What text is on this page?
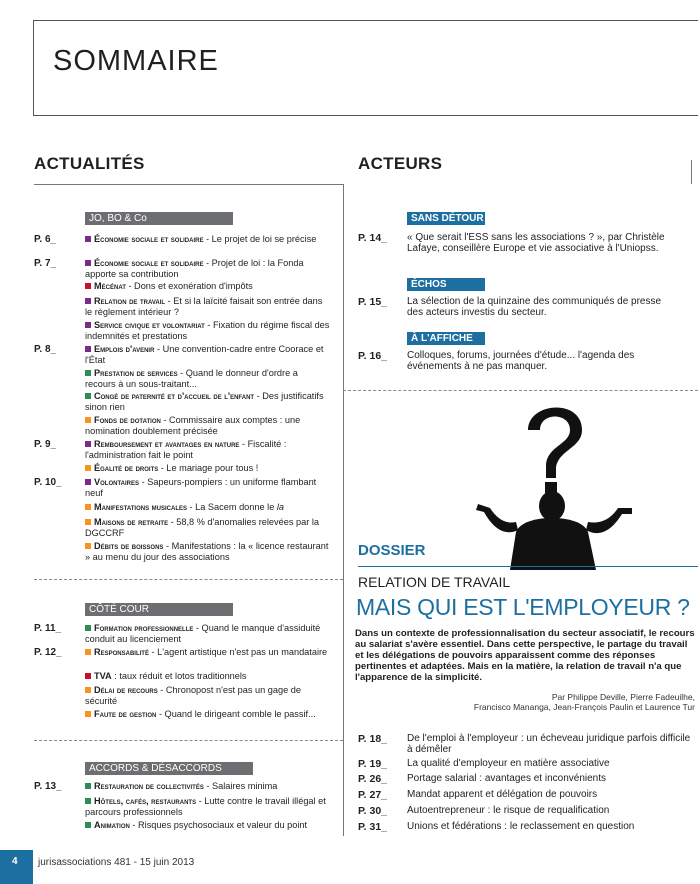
SOMMAIRE
ACTUALITÉS	ACTEURS
JO, BO & Co
P. 6_	Économie sociale et solidaire - Le projet de loi se précise
P. 7_	Économie sociale et solidaire - Projet de loi : la Fonda apporte sa contribution
Mécénat - Dons et exonération d'impôts
Relation de travail - Et si la laïcité faisait son entrée dans le règlement intérieur ?
Service civique et volontariat - Fixation du régime fiscal des indemnités et prestations
P. 8_	Emplois d'avenir - Une convention-cadre entre Coorace et l'État
Prestation de services - Quand le donneur d'ordre a recours à un sous-traitant...
Congé de paternité et d'accueil de l'enfant - Des justificatifs sinon rien
Fonds de dotation - Commissaire aux comptes : une nomination doublement précisée
P. 9_	Remboursement et avantages en nature - Fiscalité : l'administration fait le point
Égalité de droits - Le mariage pour tous !
P. 10_	Volontaires - Sapeurs-pompiers : un uniforme flambant neuf
Manifestations musicales - La Sacem donne le la
Maisons de retraite - 58,8 % d'anomalies relevées par la DGCCRF
Débits de boissons - Manifestations : la « licence restaurant » au menu du jour des associations
CÔTÉ COUR
P. 11_	Formation professionnelle - Quand le manque d'assiduité conduit au licenciement
P. 12_	Responsabilité - L'agent artistique n'est pas un mandataire
TVA : taux réduit et lotos traditionnels
Délai de recours - Chronopost n'est pas un gage de sécurité
Faute de gestion - Quand le dirigeant comble le passif...
ACCORDS & DÉSACCORDS
P. 13_	Restauration de collectivités - Salaires minima
Hôtels, cafés, restaurants - Lutte contre le travail illégal et parcours professionnels
Animation - Risques psychosociaux et valeur du point
SANS DÉTOUR
P. 14_ « Que serait l'ESS sans les associations ? », par Christèle Lafaye, conseillère Europe et vie associative à l'Uniopss.
ÉCHOS
P. 15_ La sélection de la quinzaine des communiqués de presse des acteurs investis du secteur.
À L'AFFICHE
P. 16_ Colloques, forums, journées d'étude... l'agenda des événements à ne pas manquer.
DOSSIER
RELATION DE TRAVAIL
MAIS QUI EST L'EMPLOYEUR ?
Dans un contexte de professionnalisation du secteur associatif, le recours au salariat s'avère essentiel. Dans cette perspective, le partage du travail et les délégations de pouvoirs apparaissent comme des réponses pertinentes et adaptées. Mais en la matière, la relation de travail n'a que l'apparence de la simplicité.
Par Philippe Deville, Pierre Fadeuilhe,
Francisco Mananga, Jean-François Paulin et Laurence Tur
P. 18_ De l'emploi à l'employeur : un écheveau juridique parfois difficile à démêler
P. 19_ La qualité d'employeur en matière associative
P. 26_ Portage salarial : avantages et inconvénients
P. 27_ Mandat apparent et délégation de pouvoirs
P. 30_ Autoentrepreneur : le risque de requalification
P. 31_ Unions et fédérations : le reclassement en question
4 jurisassociations 481 - 15 juin 2013
